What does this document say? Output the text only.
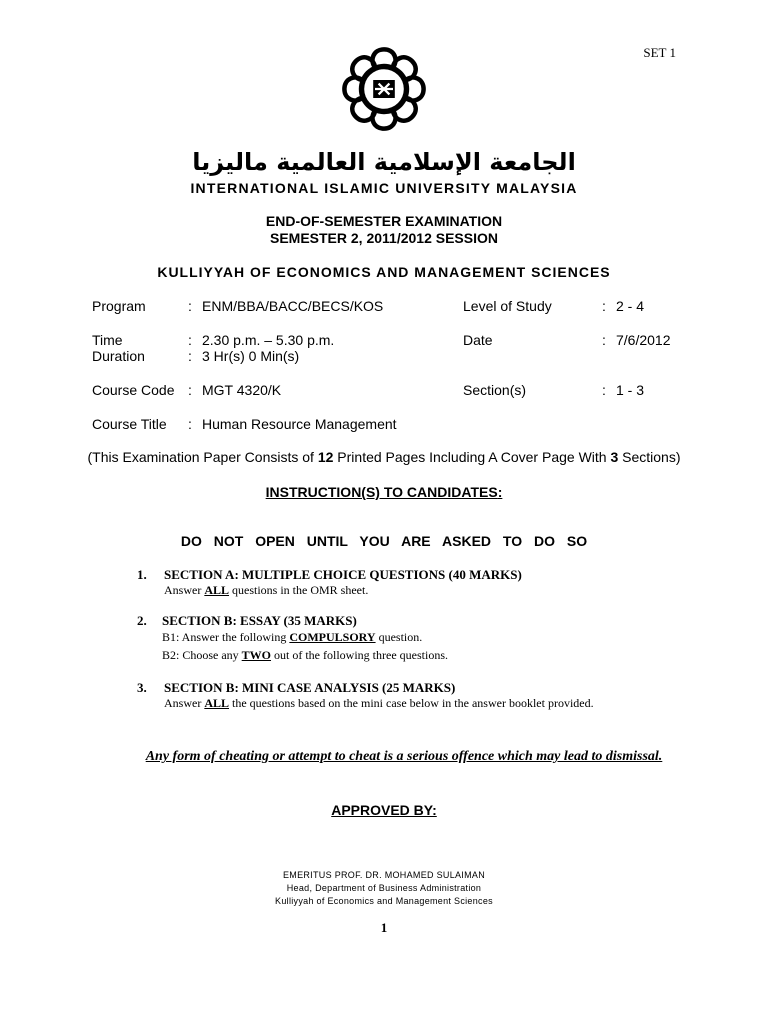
SET 1
الجامعة الإسلامية العالمية ماليزيا
INTERNATIONAL ISLAMIC UNIVERSITY MALAYSIA
END-OF-SEMESTER EXAMINATION
SEMESTER 2, 2011/2012 SESSION
KULLIYYAH OF ECONOMICS AND MANAGEMENT SCIENCES
Program	: ENM/BBA/BACC/BECS/KOS	Level of Study	: 2 - 4
Time	: 2.30 p.m. – 5.30 p.m.	Date	: 7/6/2012
Duration	: 3 Hr(s) 0 Min(s)
Course Code : MGT 4320/K	Section(s)	: 1 - 3
Course Title : Human Resource Management
(This Examination Paper Consists of 12 Printed Pages Including A Cover Page With 3 Sections)
INSTRUCTION(S) TO CANDIDATES:
DO NOT OPEN UNTIL YOU ARE ASKED TO DO SO
1. SECTION A: MULTIPLE CHOICE QUESTIONS (40 MARKS)
Answer ALL questions in the OMR sheet.
2. SECTION B: ESSAY (35 MARKS)
B1: Answer the following COMPULSORY question.
B2: Choose any TWO out of the following three questions.
3. SECTION B: MINI CASE ANALYSIS (25 MARKS)
Answer ALL the questions based on the mini case below in the answer booklet provided.
Any form of cheating or attempt to cheat is a serious offence which may lead to dismissal.
APPROVED BY:
EMERITUS PROF. DR. MOHAMED SULAIMAN
Head, Department of Business Administration
Kulliyyah of Economics and Management Sciences
1
